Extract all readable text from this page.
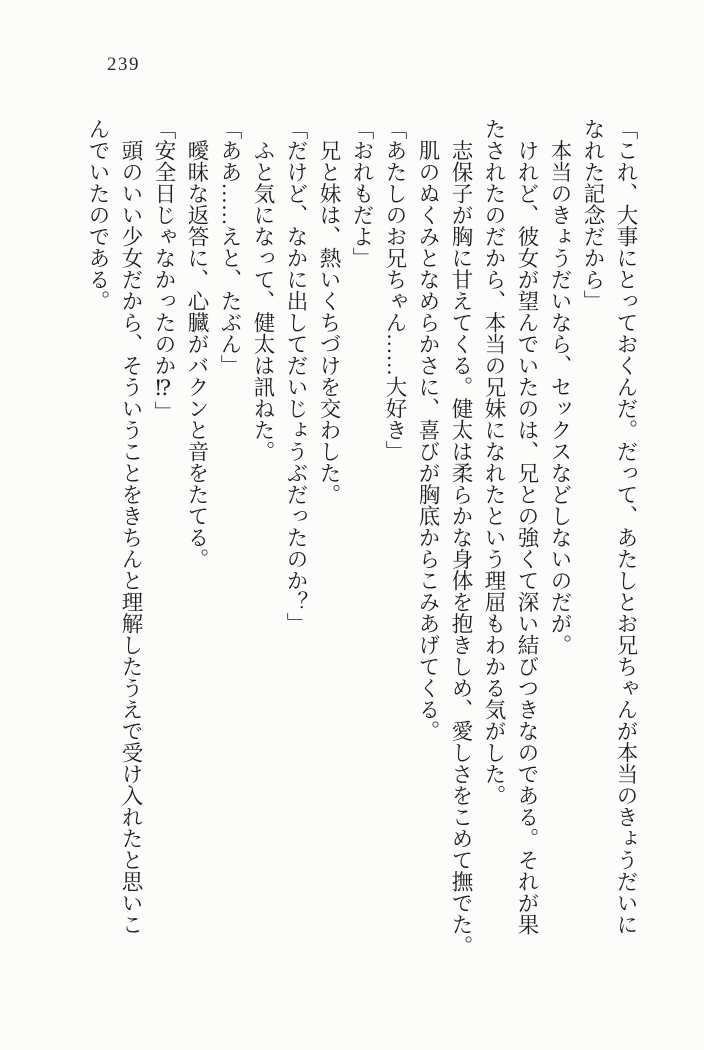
239
「これ、大事にとっておくんだ。だって、あたしとお兄ちゃんが本当のきょうだいに
なれた記念だから」
　本当のきょうだいなら、セックスなどしないのだが。
　けれど、彼女が望んでいたのは、兄との強くて深い結びつきなのである。それが果
たされたのだから、本当の兄妹になれたという理屈もわかる気がした。
　志保子が胸に甘えてくる。健太は柔らかな身体を抱きしめ、愛しさをこめて撫でた。
　肌のぬくみとなめらかさに、喜びが胸底からこみあげてくる。
「あたしのお兄ちゃん……大好き」
「おれもだよ」
　兄と妹は、熱いくちづけを交わした。
「だけど、なかに出してだいじょうぶだったのか？」
　ふと気になって、健太は訊ねた。
「ああ……えと、たぶん」
　曖昧な返答に、心臓がバクンと音をたてる。
「安全日じゃなかったのか⁉」
　頭のいい少女だから、そういうことをきちんと理解したうえで受け入れたと思いこ
んでいたのである。
